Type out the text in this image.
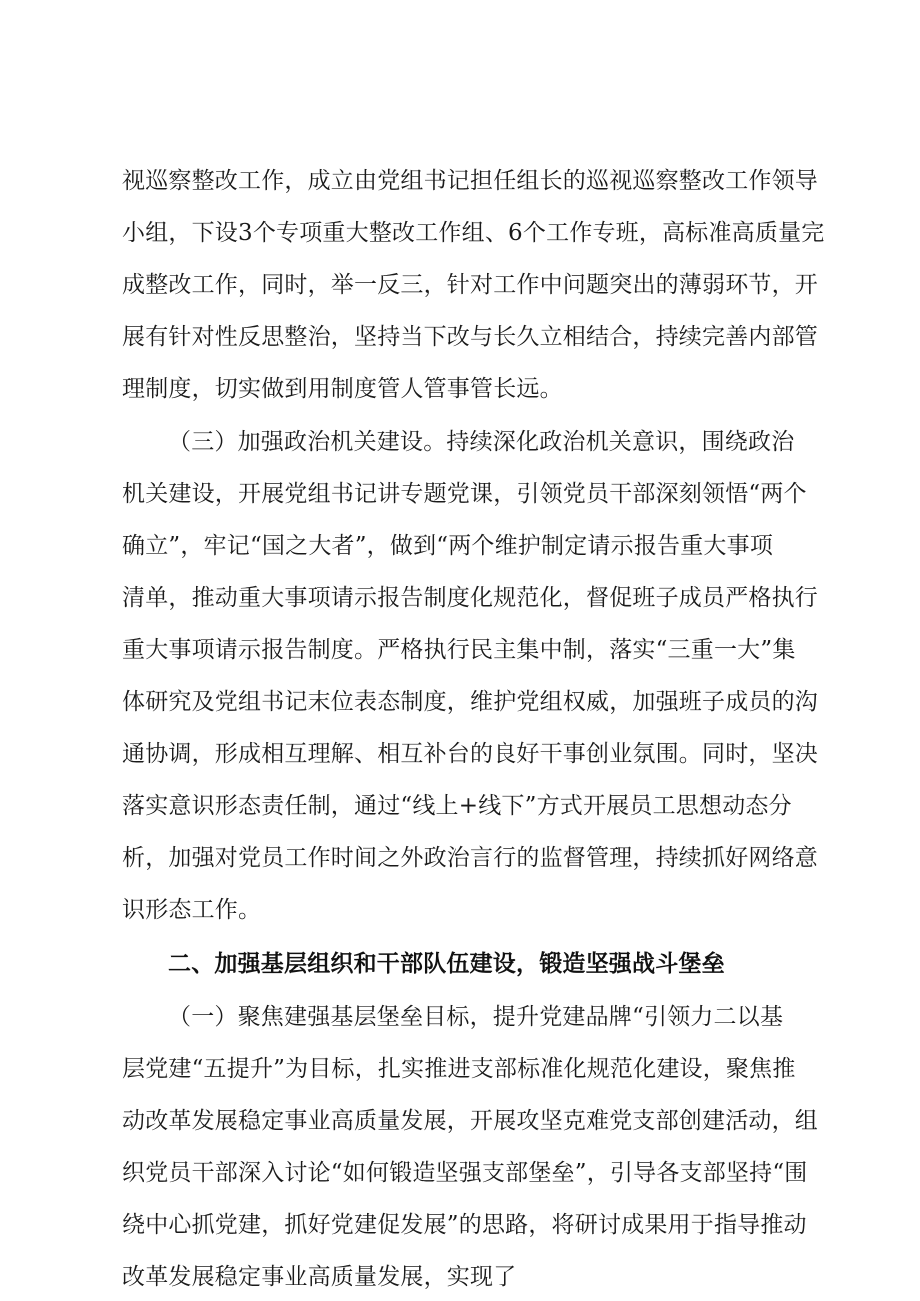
视巡察整改工作，成立由党组书记担任组长的巡视巡察整改工作领导
小组，下设3个专项重大整改工作组、6个工作专班，高标准高质量完
成整改工作，同时，举一反三，针对工作中问题突出的薄弱环节，开
展有针对性反思整治，坚持当下改与长久立相结合，持续完善内部管
理制度，切实做到用制度管人管事管长远。
（三）加强政治机关建设。持续深化政治机关意识，围绕政治
机关建设，开展党组书记讲专题党课，引领党员干部深刻领悟“两个
确立”，牢记“国之大者”，做到“两个维护制定请示报告重大事项
清单，推动重大事项请示报告制度化规范化，督促班子成员严格执行
重大事项请示报告制度。严格执行民主集中制，落实“三重一大”集
体研究及党组书记末位表态制度，维护党组权威，加强班子成员的沟
通协调，形成相互理解、相互补台的良好干事创业氛围。同时，坚决
落实意识形态责任制，通过“线上+线下”方式开展员工思想动态分
析，加强对党员工作时间之外政治言行的监督管理，持续抓好网络意
识形态工作。
二、加强基层组织和干部队伍建设，锻造坚强战斗堡垒
（一）聚焦建强基层堡垒目标，提升党建品牌“引领力二以基
层党建“五提升”为目标，扎实推进支部标准化规范化建设，聚焦推
动改革发展稳定事业高质量发展，开展攻坚克难党支部创建活动，组
织党员干部深入讨论“如何锻造坚强支部堡垒”，引导各支部坚持“围
绕中心抓党建，抓好党建促发展”的思路，将研讨成果用于指导推动
改革发展稳定事业高质量发展，实现了
